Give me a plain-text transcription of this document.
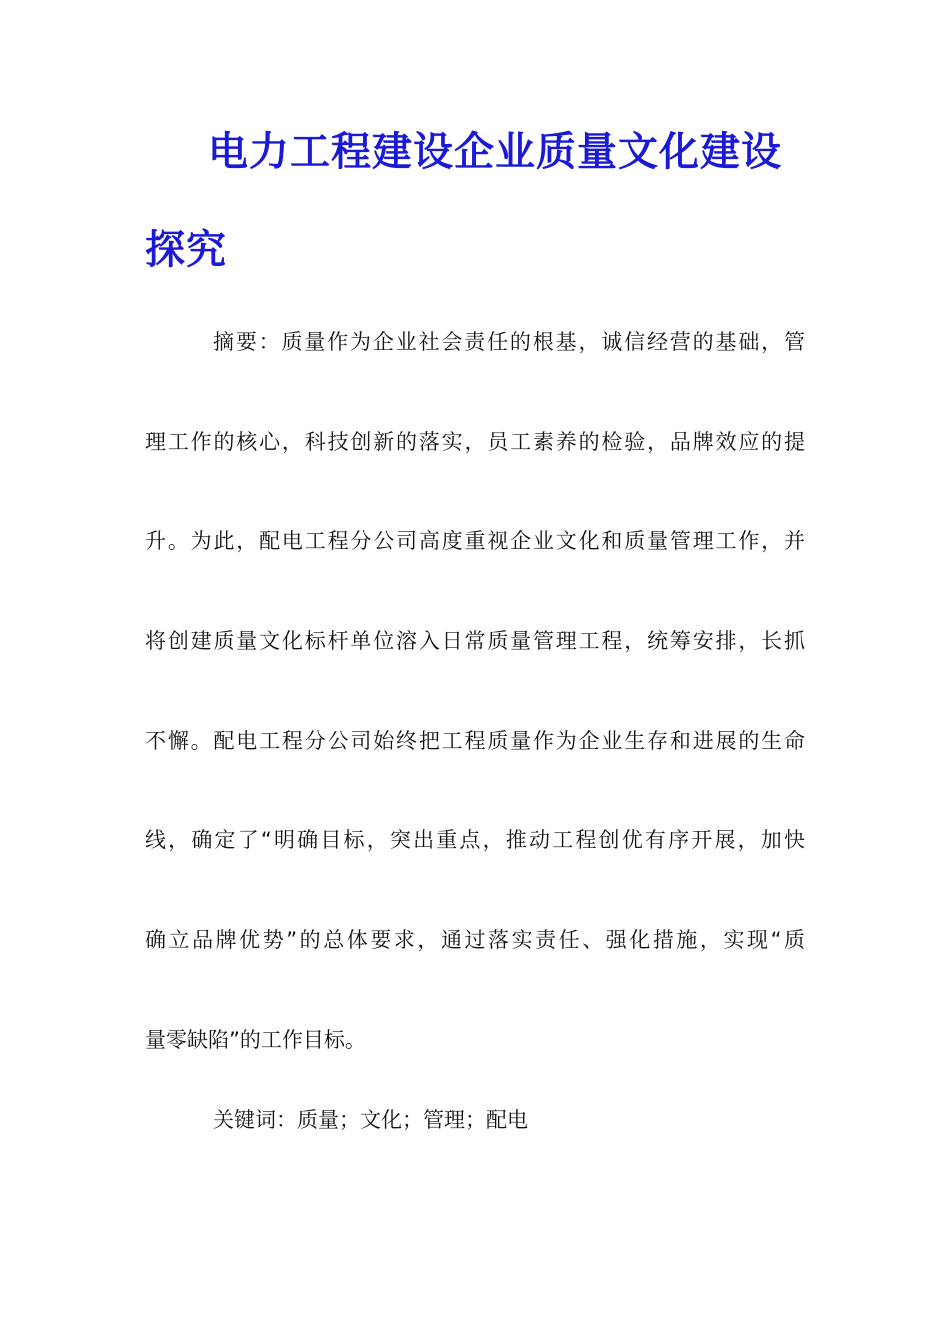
电力工程建设企业质量文化建设
探究
摘要：质量作为企业社会责任的根基，诚信经营的基础，管
理工作的核心，科技创新的落实，员工素养的检验，品牌效应的提
升。为此，配电工程分公司高度重视企业文化和质量管理工作，并
将创建质量文化标杆单位溶入日常质量管理工程，统筹安排，长抓
不懈。配电工程分公司始终把工程质量作为企业生存和进展的生命
线，确定了“明确目标，突出重点，推动工程创优有序开展，加快
确立品牌优势”的总体要求，通过落实责任、强化措施，实现“质
量零缺陷”的工作目标。
关键词：质量；文化；管理；配电
